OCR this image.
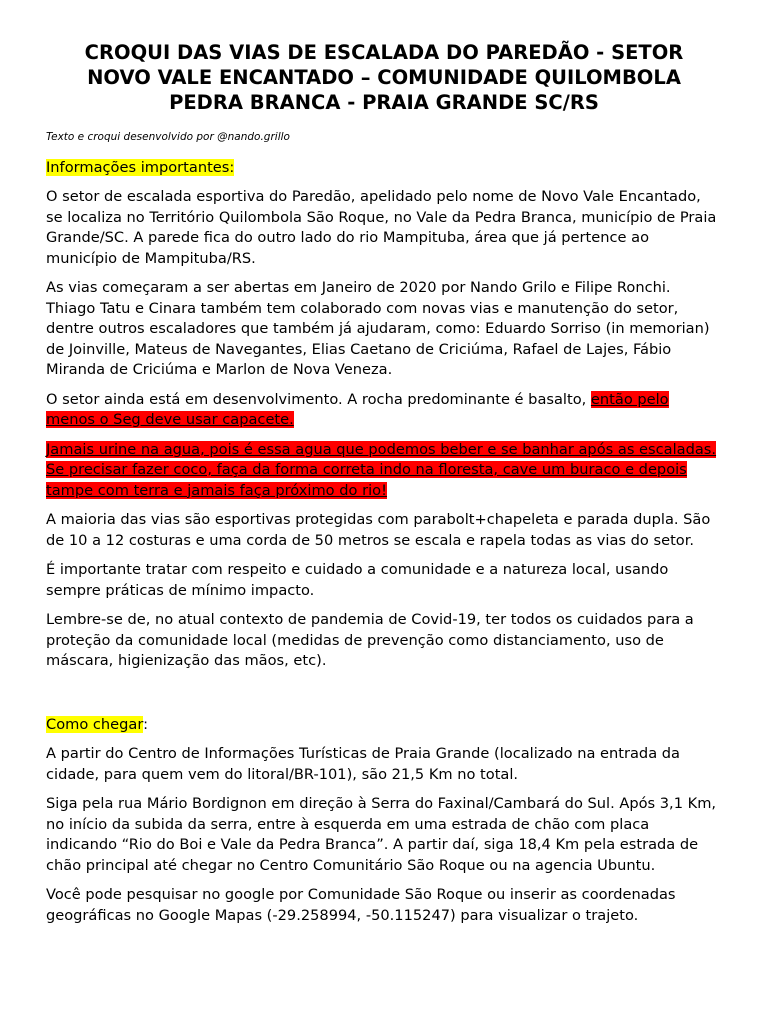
CROQUI DAS VIAS DE ESCALADA DO PAREDÃO - SETOR NOVO VALE ENCANTADO – COMUNIDADE QUILOMBOLA PEDRA BRANCA - PRAIA GRANDE SC/RS

Texto e croqui desenvolvido por @nando.grillo

Informações importantes:

O setor de escalada esportiva do Paredão, apelidado pelo nome de Novo Vale Encantado, se localiza no Território Quilombola São Roque, no Vale da Pedra Branca, município de Praia Grande/SC. A parede fica do outro lado do rio Mampituba, área que já pertence ao município de Mampituba/RS.

As vias começaram a ser abertas em Janeiro de 2020 por Nando Grilo e Filipe Ronchi. Thiago Tatu e Cinara também tem colaborado com novas vias e manutenção do setor, dentre outros escaladores que também já ajudaram, como: Eduardo Sorriso (in memorian) de Joinville, Mateus de Navegantes, Elias Caetano de Criciúma, Rafael de Lajes, Fábio Miranda de Criciúma e Marlon de Nova Veneza.

O setor ainda está em desenvolvimento. A rocha predominante é basalto, então pelo menos o Seg deve usar capacete.

Jamais urine na agua, pois é essa agua que podemos beber e se banhar após as escaladas. Se precisar fazer coco, faça da forma correta indo na floresta, cave um buraco e depois tampe com terra e jamais faça próximo do rio!

A maioria das vias são esportivas protegidas com parabolt+chapeleta e parada dupla. São de 10 a 12 costuras e uma corda de 50 metros se escala e rapela todas as vias do setor.

É importante tratar com respeito e cuidado a comunidade e a natureza local, usando sempre práticas de mínimo impacto.

Lembre-se de, no atual contexto de pandemia de Covid-19, ter todos os cuidados para a proteção da comunidade local (medidas de prevenção como distanciamento, uso de máscara, higienização das mãos, etc).

Como chegar:

A partir do Centro de Informações Turísticas de Praia Grande (localizado na entrada da cidade, para quem vem do litoral/BR-101), são 21,5 Km no total.

Siga pela rua Mário Bordignon em direção à Serra do Faxinal/Cambará do Sul. Após 3,1 Km, no início da subida da serra, entre à esquerda em uma estrada de chão com placa indicando “Rio do Boi e Vale da Pedra Branca”. A partir daí, siga 18,4 Km pela estrada de chão principal até chegar no Centro Comunitário São Roque ou na agencia Ubuntu.

Você pode pesquisar no google por Comunidade São Roque ou inserir as coordenadas geográficas no Google Mapas (-29.258994, -50.115247) para visualizar o trajeto.
